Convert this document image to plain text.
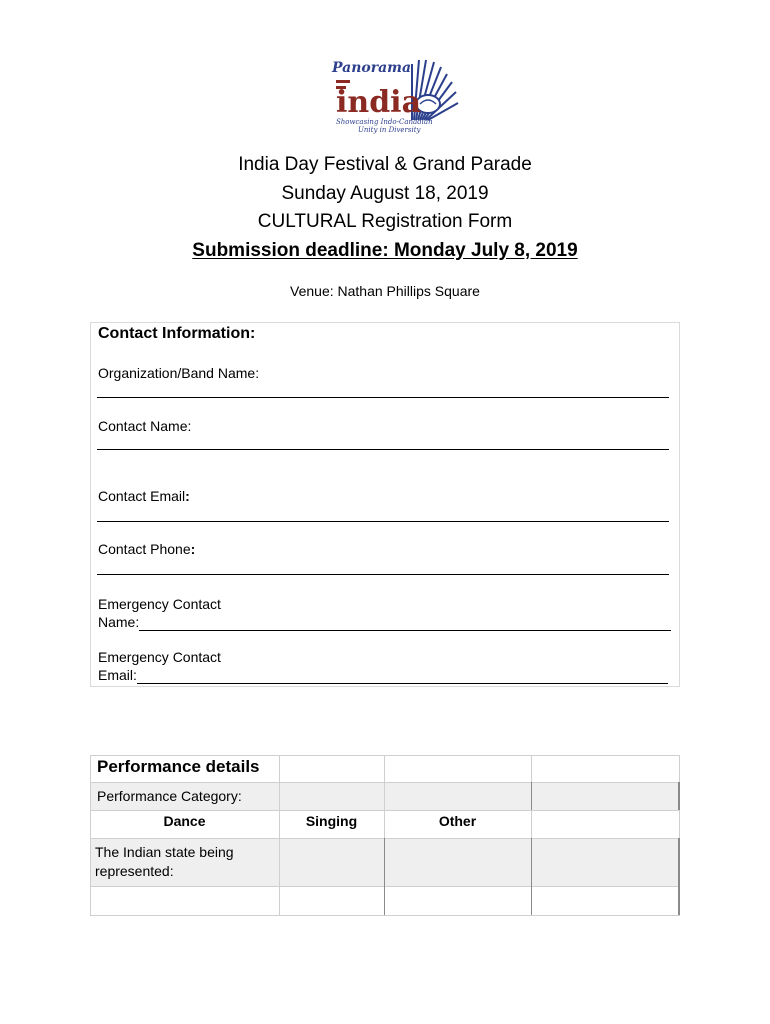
Panorama
india
Showcasing Indo-Canadian
Unity in Diversity
India Day Festival & Grand Parade
Sunday August 18, 2019
CULTURAL Registration Form
Submission deadline: Monday July 8, 2019
Venue: Nathan Phillips Square
Contact Information:
Organization/Band Name:
Contact Name:
Contact Email:
Contact Phone:
Emergency Contact
Name:
Emergency Contact
Email:
Performance details
Performance Category:
Dance	Singing	Other
The Indian state being represented:
